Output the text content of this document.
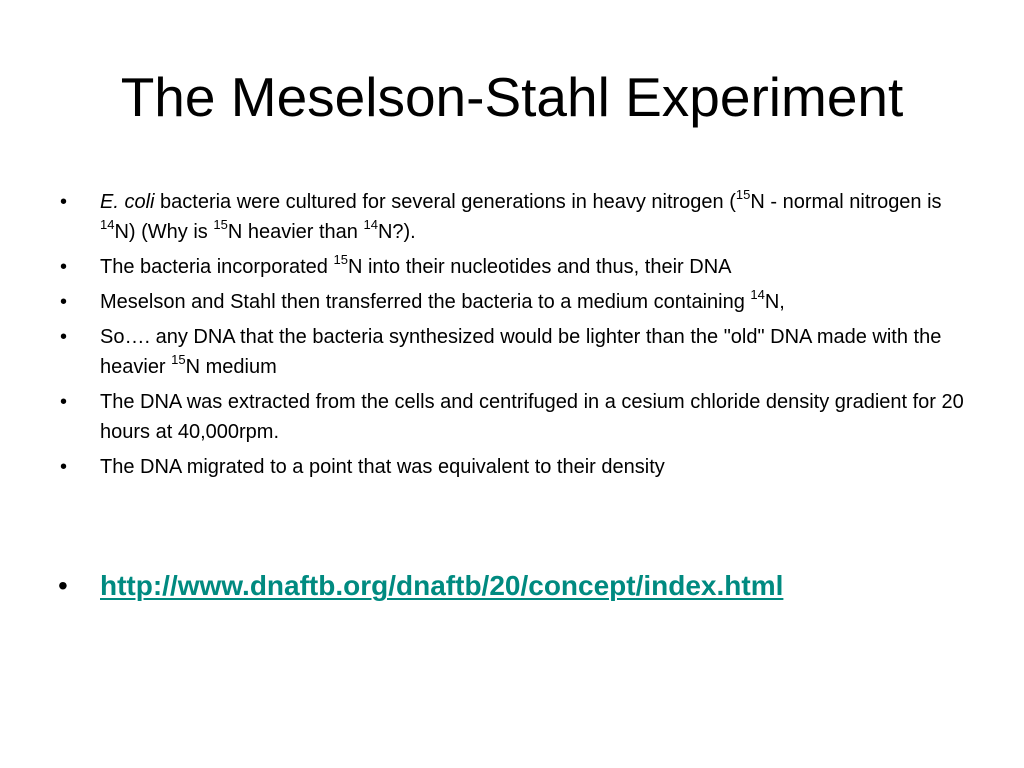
The Meselson-Stahl Experiment
•	E. coli bacteria were cultured for several generations in heavy nitrogen ($^{15}$N - normal nitrogen is $^{14}$N) (Why is $^{15}$N heavier than $^{14}$N?).
•	The bacteria incorporated $^{15}$N into their nucleotides and thus, their DNA
•	Meselson and Stahl then transferred the bacteria to a medium containing $^{14}$N,
•	So…. any DNA that the bacteria synthesized would be lighter than the "old" DNA made with the heavier $^{15}$N medium
•	The DNA was extracted from the cells and centrifuged in a cesium chloride density gradient for 20 hours at 40,000rpm.
•	The DNA migrated to a point that was equivalent to their density
•	http://www.dnaftb.org/dnaftb/20/concept/index.html
